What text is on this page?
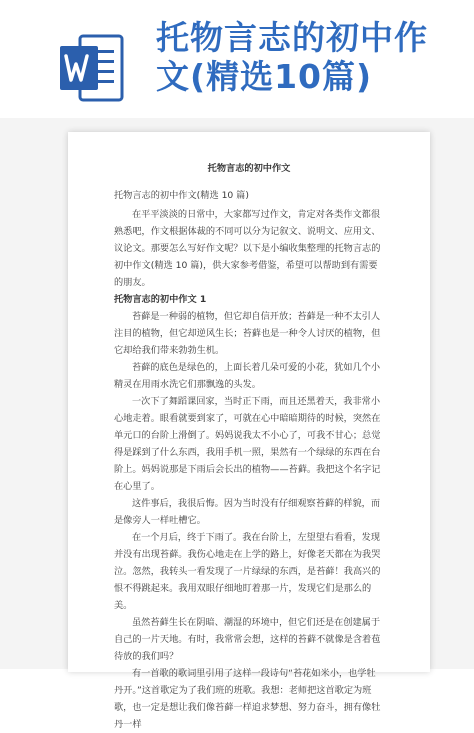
托物言志的初中作
文(精选10篇)
托物言志的初中作文

托物言志的初中作文(精选 10 篇)

在平平淡淡的日常中，大家都写过作文，肯定对各类作文都很熟悉吧，作文根据体裁的不同可以分为记叙文、说明文、应用文、议论文。那要怎么写好作文呢？以下是小编收集整理的托物言志的初中作文(精选 10 篇)，供大家参考借鉴，希望可以帮助到有需要的朋友。

托物言志的初中作文 1

苔藓是一种弱的植物，但它却自信开放；苔藓是一种不太引人注目的植物，但它却逆风生长；苔藓也是一种令人讨厌的植物，但它却给我们带来勃勃生机。

苔藓的底色是绿色的，上面长着几朵可爱的小花，犹如几个小精灵在用雨水洗它们那飘逸的头发。

一次下了舞蹈课回家，当时正下雨，而且还黑着天，我非常小心地走着。眼看就要到家了，可就在心中暗暗期待的时候，突然在单元口的台阶上滑倒了。妈妈说我太不小心了，可我不甘心；总觉得是踩到了什么东西，我用手机一照，果然有一个绿绿的东西在台阶上。妈妈说那是下雨后会长出的植物——苔藓。我把这个名字记在心里了。

这件事后，我很后悔。因为当时没有仔细观察苔藓的样貌，而是像旁人一样吐槽它。

在一个月后，终于下雨了。我在台阶上，左望望右看看，发现并没有出现苔藓。我伤心地走在上学的路上，好像老天都在为我哭泣。忽然，我转头一看发现了一片绿绿的东西，是苔藓！我高兴的恨不得跳起来。我用双眼仔细地盯着那一片，发现它们是那么的美。

虽然苔藓生长在阴暗、潮湿的环境中，但它们还是在创建属于自己的一片天地。有时，我常常会想，这样的苔藓不就像是含着苞待放的我们吗？

有一首歌的歌词里引用了这样一段诗句“苔花如米小，也学牡丹开。”这首歌定为了我们班的班歌。我想：老师把这首歌定为班歌，也一定是想让我们像苔藓一样追求梦想、努力奋斗，拥有像牡丹一样
